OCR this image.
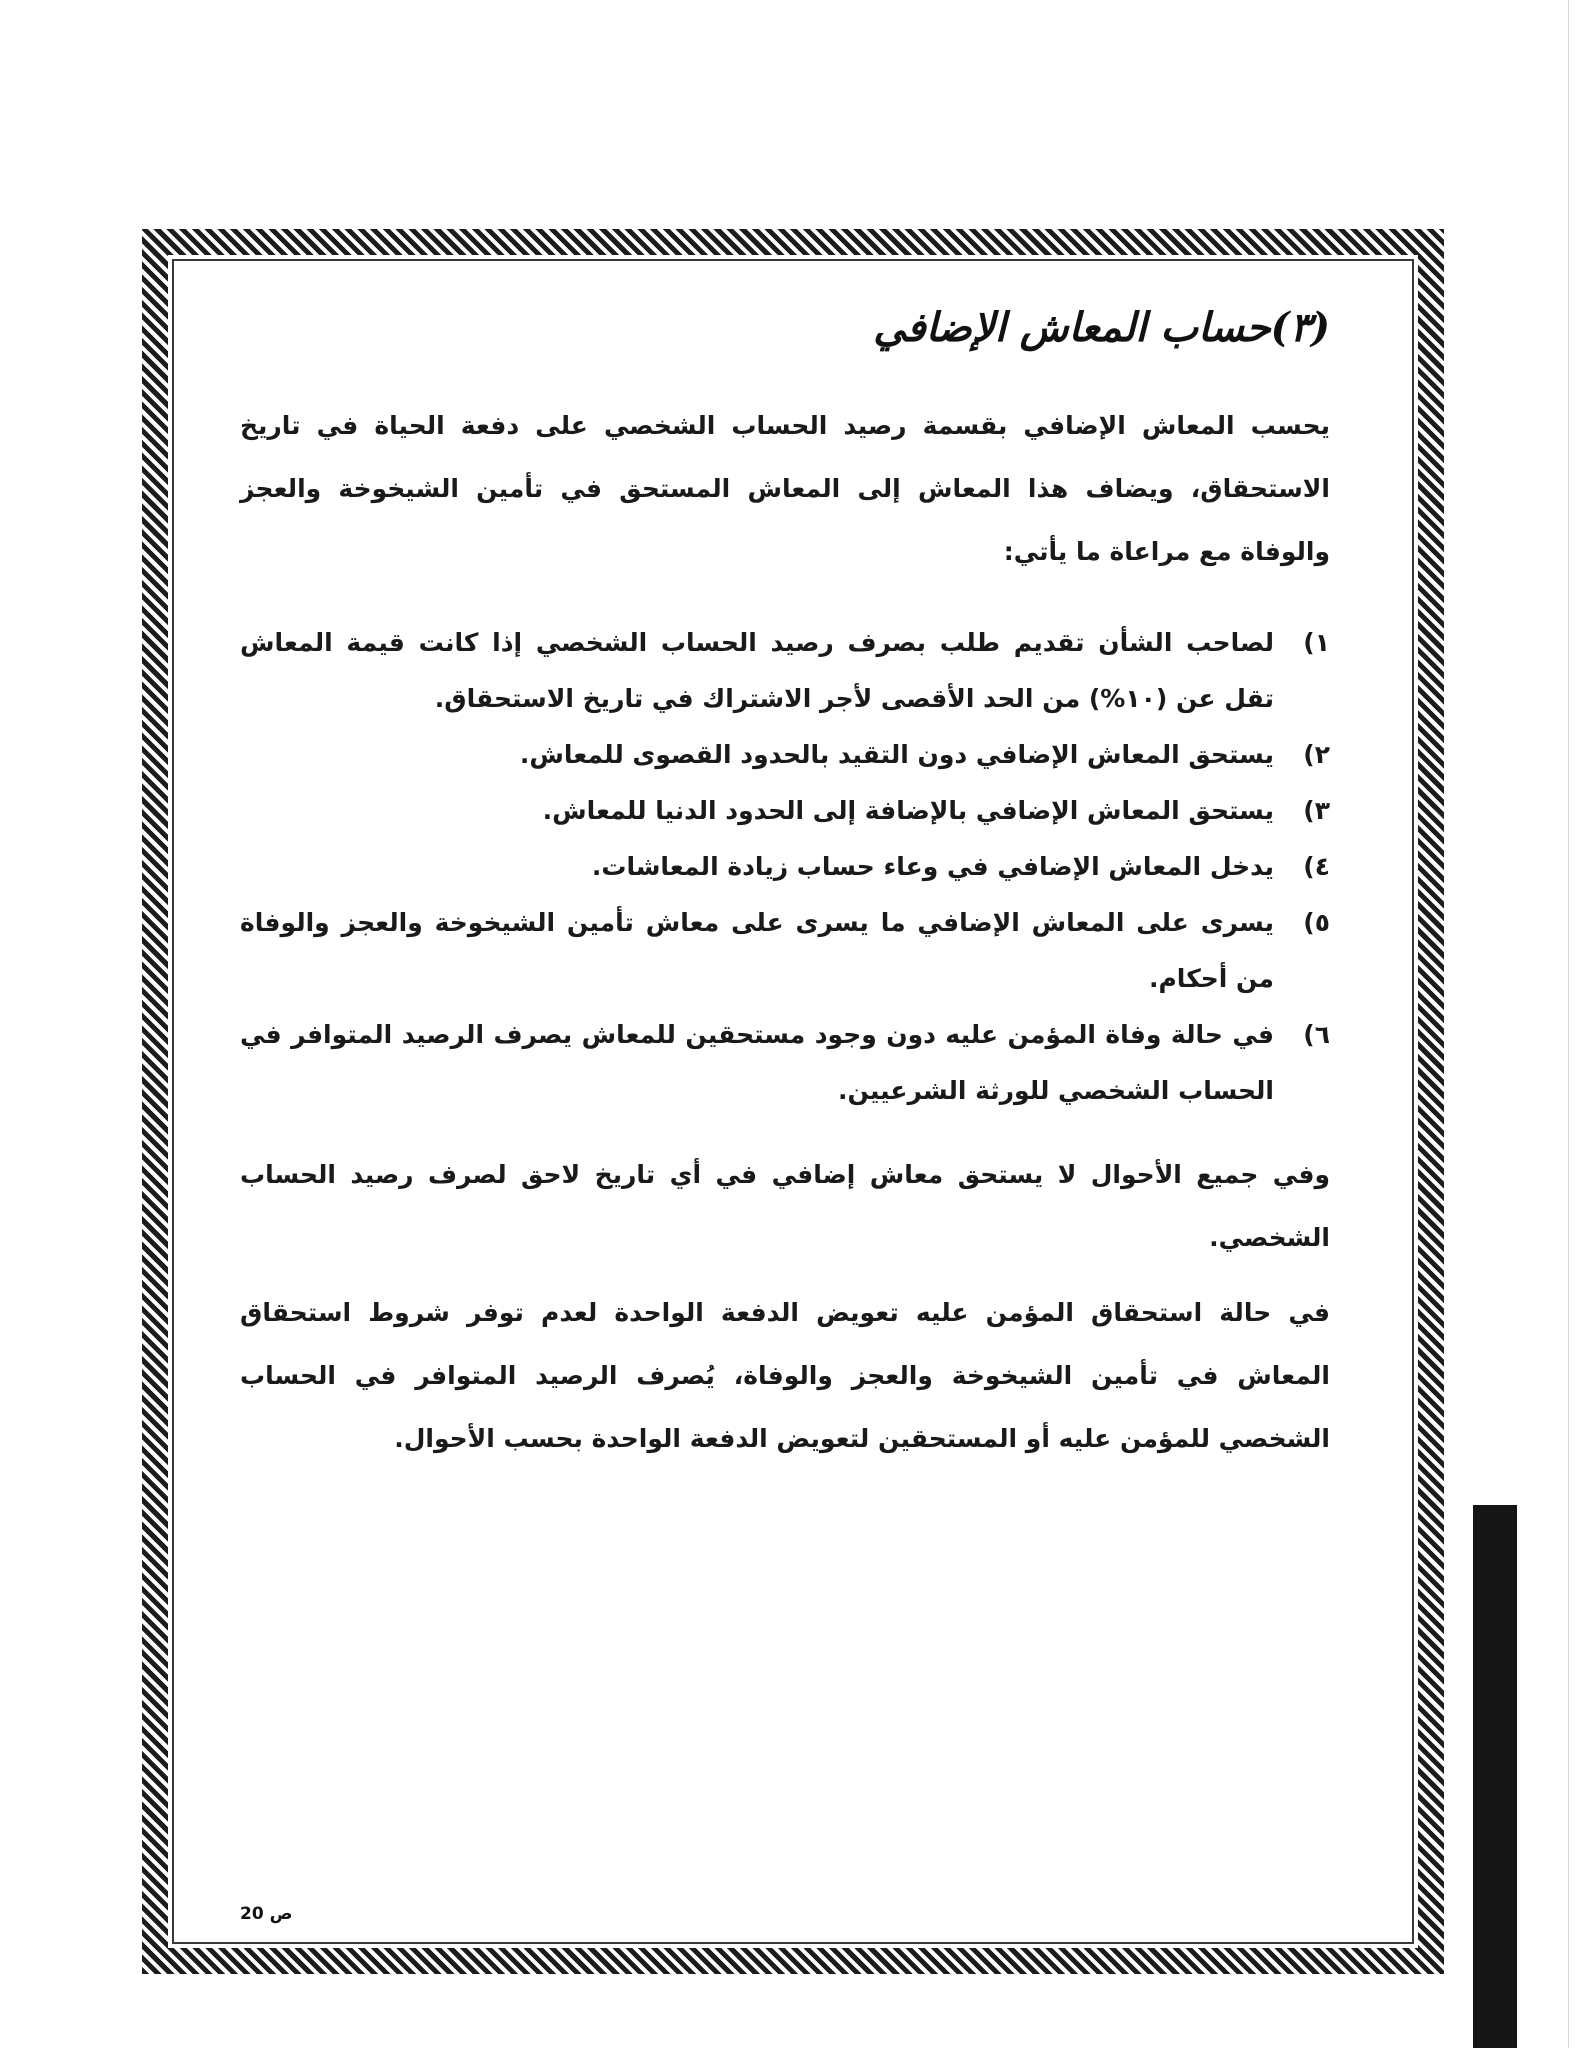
(٣)حساب المعاش الإضافي

يحسب المعاش الإضافي بقسمة رصيد الحساب الشخصي على دفعة الحياة في تاريخ الاستحقاق، ويضاف هذا المعاش إلى المعاش المستحق في تأمين الشيخوخة والعجز والوفاة مع مراعاة ما يأتي:

١)
لصاحب الشأن تقديم طلب بصرف رصيد الحساب الشخصي إذا كانت قيمة المعاش تقل عن (١٠%) من الحد الأقصى لأجر الاشتراك في تاريخ الاستحقاق.
٢)
يستحق المعاش الإضافي دون التقيد بالحدود القصوى للمعاش.
٣)
يستحق المعاش الإضافي بالإضافة إلى الحدود الدنيا للمعاش.
٤)
يدخل المعاش الإضافي في وعاء حساب زيادة المعاشات.
٥)
يسرى على المعاش الإضافي ما يسرى على معاش تأمين الشيخوخة والعجز والوفاة من أحكام.
٦)
في حالة وفاة المؤمن عليه دون وجود مستحقين للمعاش يصرف الرصيد المتوافر في الحساب الشخصي للورثة الشرعيين.

وفي جميع الأحوال لا يستحق معاش إضافي في أي تاريخ لاحق لصرف رصيد الحساب الشخصي.

في حالة استحقاق المؤمن عليه تعويض الدفعة الواحدة لعدم توفر شروط استحقاق المعاش في تأمين الشيخوخة والعجز والوفاة، يُصرف الرصيد المتوافر في الحساب الشخصي للمؤمن عليه أو المستحقين لتعويض الدفعة الواحدة بحسب الأحوال.

ص 20
